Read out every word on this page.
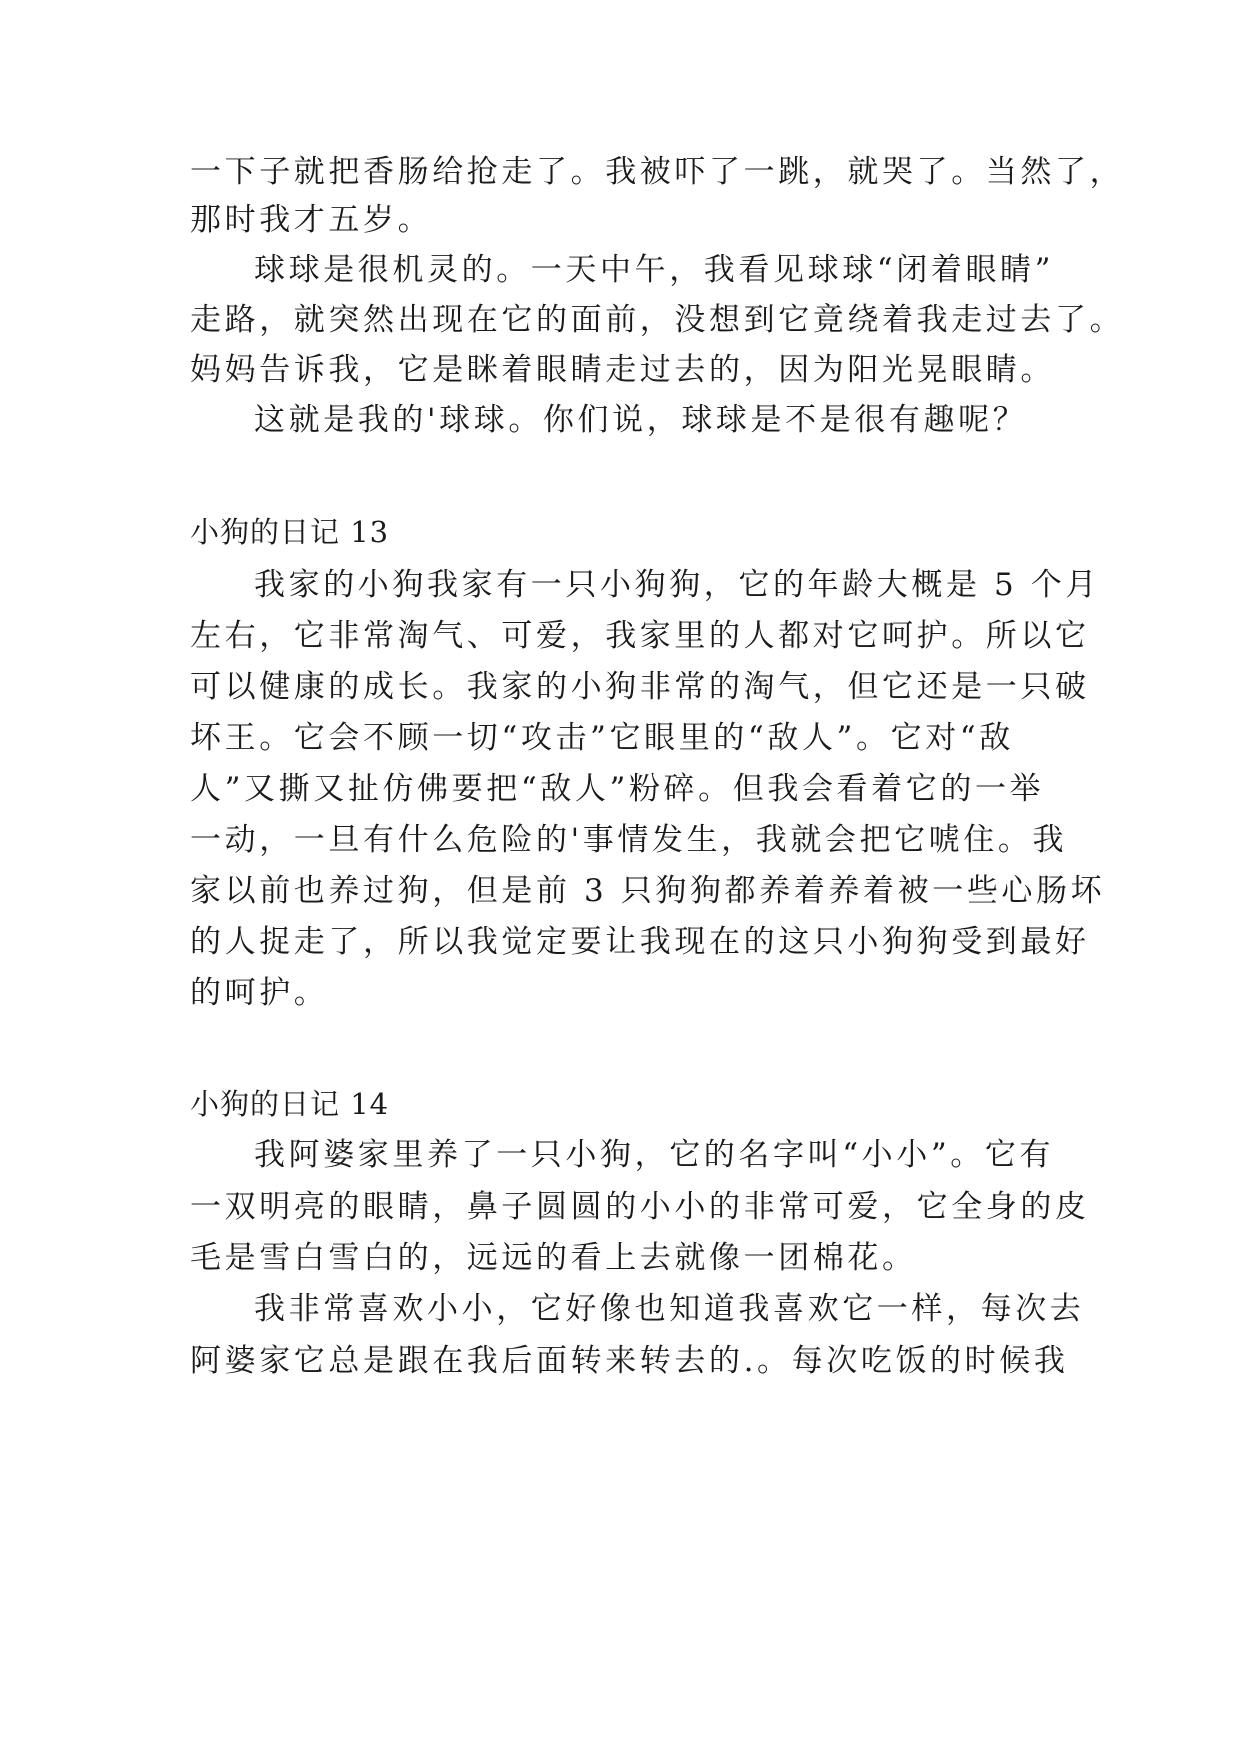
一下子就把香肠给抢走了。我被吓了一跳，就哭了。当然了，
那时我才五岁。
球球是很机灵的。一天中午，我看见球球“闭着眼睛”
走路，就突然出现在它的面前，没想到它竟绕着我走过去了。
妈妈告诉我，它是眯着眼睛走过去的，因为阳光晃眼睛。
这就是我的'球球。你们说，球球是不是很有趣呢？
小狗的日记 13
我家的小狗我家有一只小狗狗，它的年龄大概是 5 个月
左右，它非常淘气、可爱，我家里的人都对它呵护。所以它
可以健康的成长。我家的小狗非常的淘气，但它还是一只破
坏王。它会不顾一切“攻击”它眼里的“敌人”。它对“敌
人”又撕又扯仿佛要把“敌人”粉碎。但我会看着它的一举
一动，一旦有什么危险的'事情发生，我就会把它唬住。我
家以前也养过狗，但是前 3 只狗狗都养着养着被一些心肠坏
的人捉走了，所以我觉定要让我现在的这只小狗狗受到最好
的呵护。
小狗的日记 14
我阿婆家里养了一只小狗，它的名字叫“小小”。它有
一双明亮的眼睛，鼻子圆圆的小小的非常可爱，它全身的皮
毛是雪白雪白的，远远的看上去就像一团棉花。
我非常喜欢小小，它好像也知道我喜欢它一样，每次去
阿婆家它总是跟在我后面转来转去的.。每次吃饭的时候我
